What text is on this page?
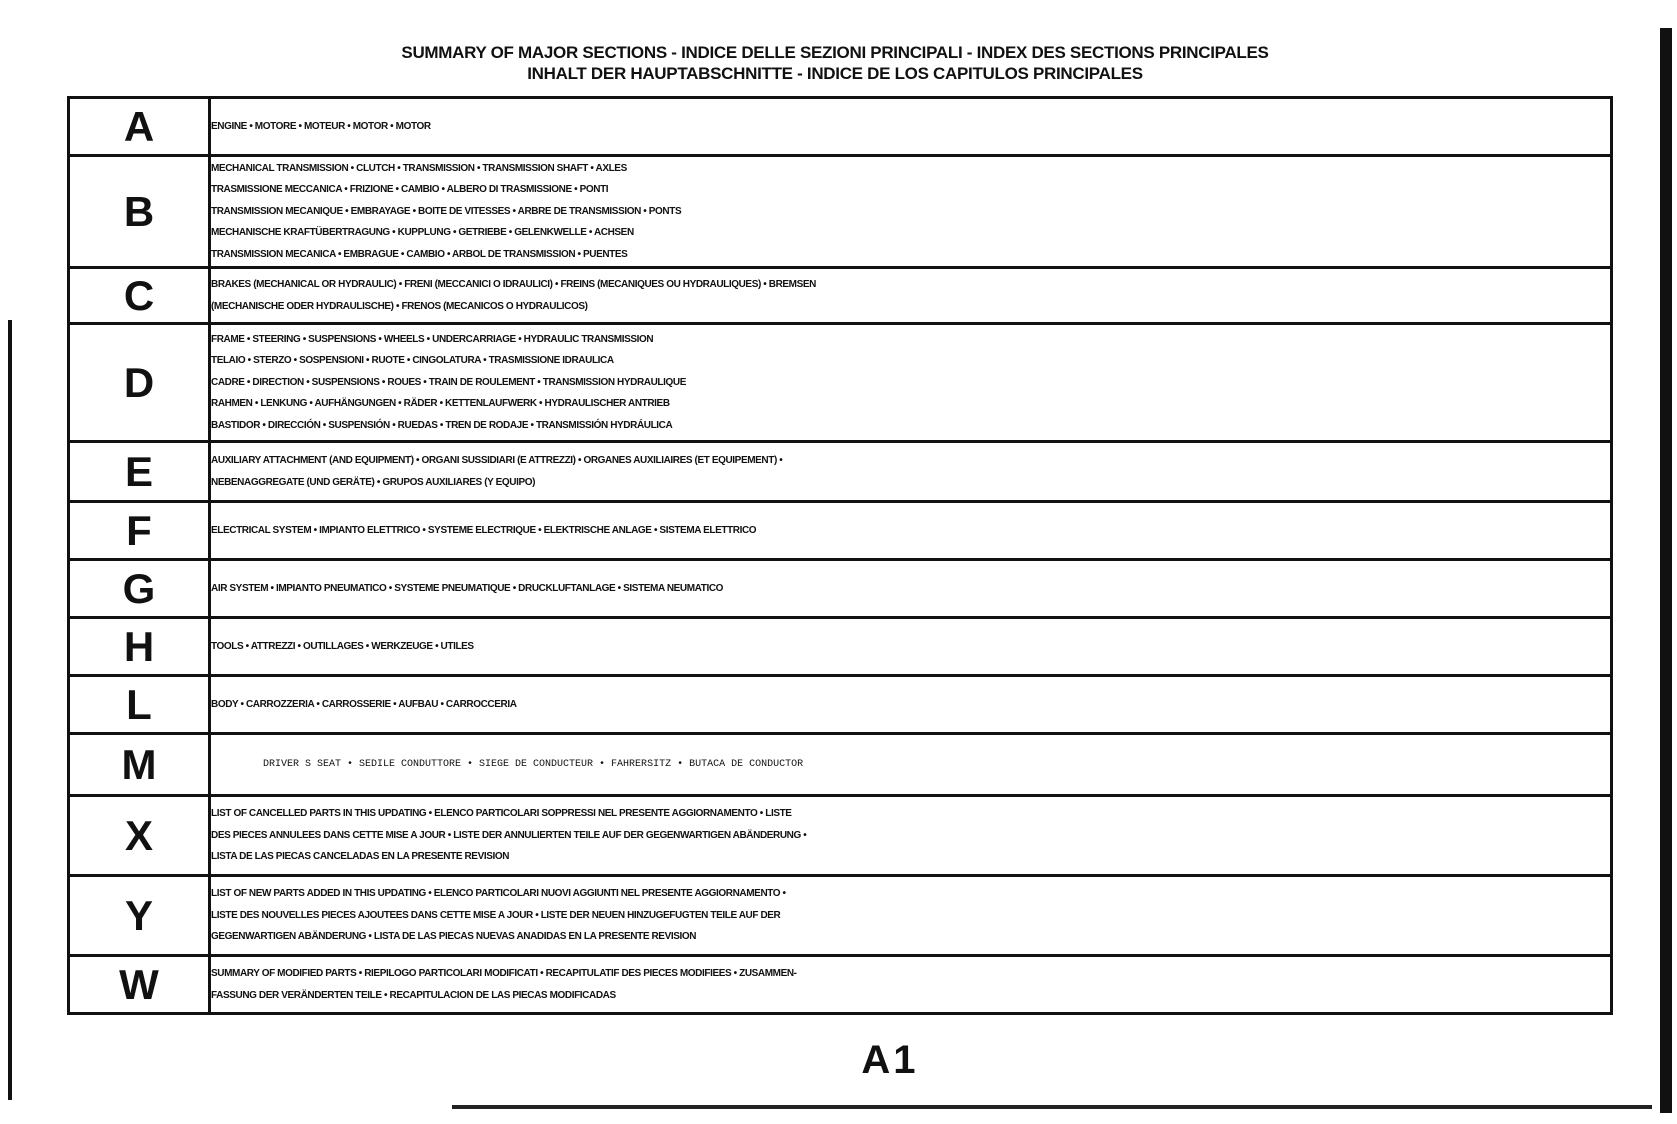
SUMMARY OF MAJOR SECTIONS - INDICE DELLE SEZIONI PRINCIPALI - INDEX DES SECTIONS PRINCIPALES
INHALT DER HAUPTABSCHNITTE - INDICE DE LOS CAPITULOS PRINCIPALES
A	ENGINE • MOTORE • MOTEUR • MOTOR • MOTOR

B	MECHANICAL TRANSMISSION • CLUTCH • TRANSMISSION • TRANSMISSION SHAFT • AXLES
TRASMISSIONE MECCANICA • FRIZIONE • CAMBIO • ALBERO DI TRASMISSIONE • PONTI
TRANSMISSION MECANIQUE • EMBRAYAGE • BOITE DE VITESSES • ARBRE DE TRANSMISSION • PONTS
MECHANISCHE KRAFTÜBERTRAGUNG • KUPPLUNG • GETRIEBE • GELENKWELLE • ACHSEN
TRANSMISSION MECANICA • EMBRAGUE • CAMBIO • ARBOL DE TRANSMISSION • PUENTES

C	BRAKES (MECHANICAL OR HYDRAULIC) • FRENI (MECCANICI O IDRAULICI) • FREINS (MECANIQUES OU HYDRAULIQUES) • BREMSEN
(MECHANISCHE ODER HYDRAULISCHE) • FRENOS (MECANICOS O HYDRAULICOS)

D	FRAME • STEERING • SUSPENSIONS • WHEELS • UNDERCARRIAGE • HYDRAULIC TRANSMISSION
TELAIO • STERZO • SOSPENSIONI • RUOTE • CINGOLATURA • TRASMISSIONE IDRAULICA
CADRE • DIRECTION • SUSPENSIONS • ROUES • TRAIN DE ROULEMENT • TRANSMISSION HYDRAULIQUE
RAHMEN • LENKUNG • AUFHÄNGUNGEN • RÄDER • KETTENLAUFWERK • HYDRAULISCHER ANTRIEB
BASTIDOR • DIRECCIÓN • SUSPENSIÓN • RUEDAS • TREN DE RODAJE • TRANSMISSIÓN HYDRÁULICA

E	AUXILIARY ATTACHMENT (AND EQUIPMENT) • ORGANI SUSSIDIARI (E ATTREZZI) • ORGANES AUXILIAIRES (ET EQUIPEMENT) •
NEBENAGGREGATE (UND GERÄTE) • GRUPOS AUXILIARES (Y EQUIPO)

F	ELECTRICAL SYSTEM • IMPIANTO ELETTRICO • SYSTEME ELECTRIQUE • ELEKTRISCHE ANLAGE • SISTEMA ELETTRICO

G	AIR SYSTEM • IMPIANTO PNEUMATICO • SYSTEME PNEUMATIQUE • DRUCKLUFTANLAGE • SISTEMA NEUMATICO

H	TOOLS • ATTREZZI • OUTILLAGES • WERKZEUGE • UTILES

L	BODY • CARROZZERIA • CARROSSERIE • AUFBAU • CARROCCERIA

M	DRIVER S SEAT • SEDILE CONDUTTORE • SIEGE DE CONDUCTEUR • FAHRERSITZ • BUTACA DE CONDUCTOR

X	LIST OF CANCELLED PARTS IN THIS UPDATING • ELENCO PARTICOLARI SOPPRESSI NEL PRESENTE AGGIORNAMENTO • LISTE
DES PIECES ANNULEES DANS CETTE MISE A JOUR • LISTE DER ANNULIERTEN TEILE AUF DER GEGENWARTIGEN ABÄNDERUNG •
LISTA DE LAS PIECAS CANCELADAS EN LA PRESENTE REVISION

Y	LIST OF NEW PARTS ADDED IN THIS UPDATING • ELENCO PARTICOLARI NUOVI AGGIUNTI NEL PRESENTE AGGIORNAMENTO •
LISTE DES NOUVELLES PIECES AJOUTEES DANS CETTE MISE A JOUR • LISTE DER NEUEN HINZUGEFUGTEN TEILE AUF DER
GEGENWARTIGEN ABÄNDERUNG • LISTA DE LAS PIECAS NUEVAS ANADIDAS EN LA PRESENTE REVISION

W	SUMMARY OF MODIFIED PARTS • RIEPILOGO PARTICOLARI MODIFICATI • RECAPITULATIF DES PIECES MODIFIEES • ZUSAMMEN-
FASSUNG DER VERÄNDERTEN TEILE • RECAPITULACION DE LAS PIECAS MODIFICADAS
A1
